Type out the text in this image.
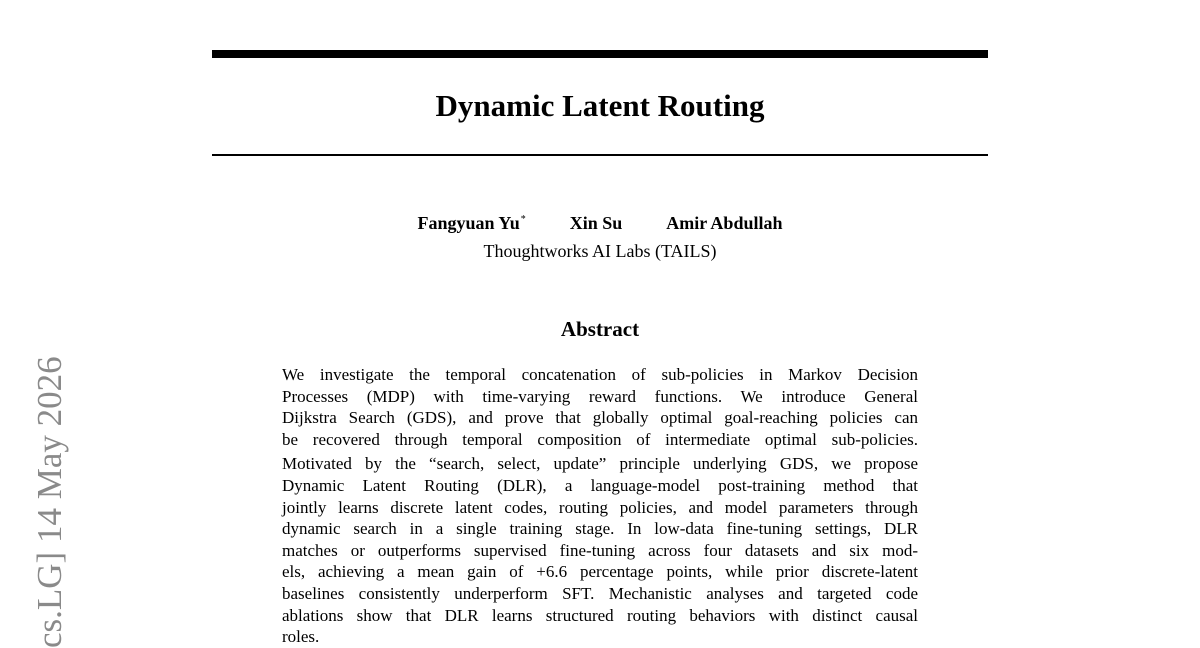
Dynamic Latent Routing
Fangyuan Yu* Xin Su Amir Abdullah
Thoughtworks AI Labs (TAILS)
Abstract
We investigate the temporal concatenation of sub-policies in Markov Decision
Processes (MDP) with time-varying reward functions. We introduce General
Dijkstra Search (GDS), and prove that globally optimal goal-reaching policies can
be recovered through temporal composition of intermediate optimal sub-policies.
Motivated by the “search, select, update” principle underlying GDS, we propose
Dynamic Latent Routing (DLR), a language-model post-training method that
jointly learns discrete latent codes, routing policies, and model parameters through
dynamic search in a single training stage. In low-data fine-tuning settings, DLR
matches or outperforms supervised fine-tuning across four datasets and six mod-
els, achieving a mean gain of +6.6 percentage points, while prior discrete-latent
baselines consistently underperform SFT. Mechanistic analyses and targeted code
ablations show that DLR learns structured routing behaviors with distinct causal
roles.
cs.LG] 14 May 2026
